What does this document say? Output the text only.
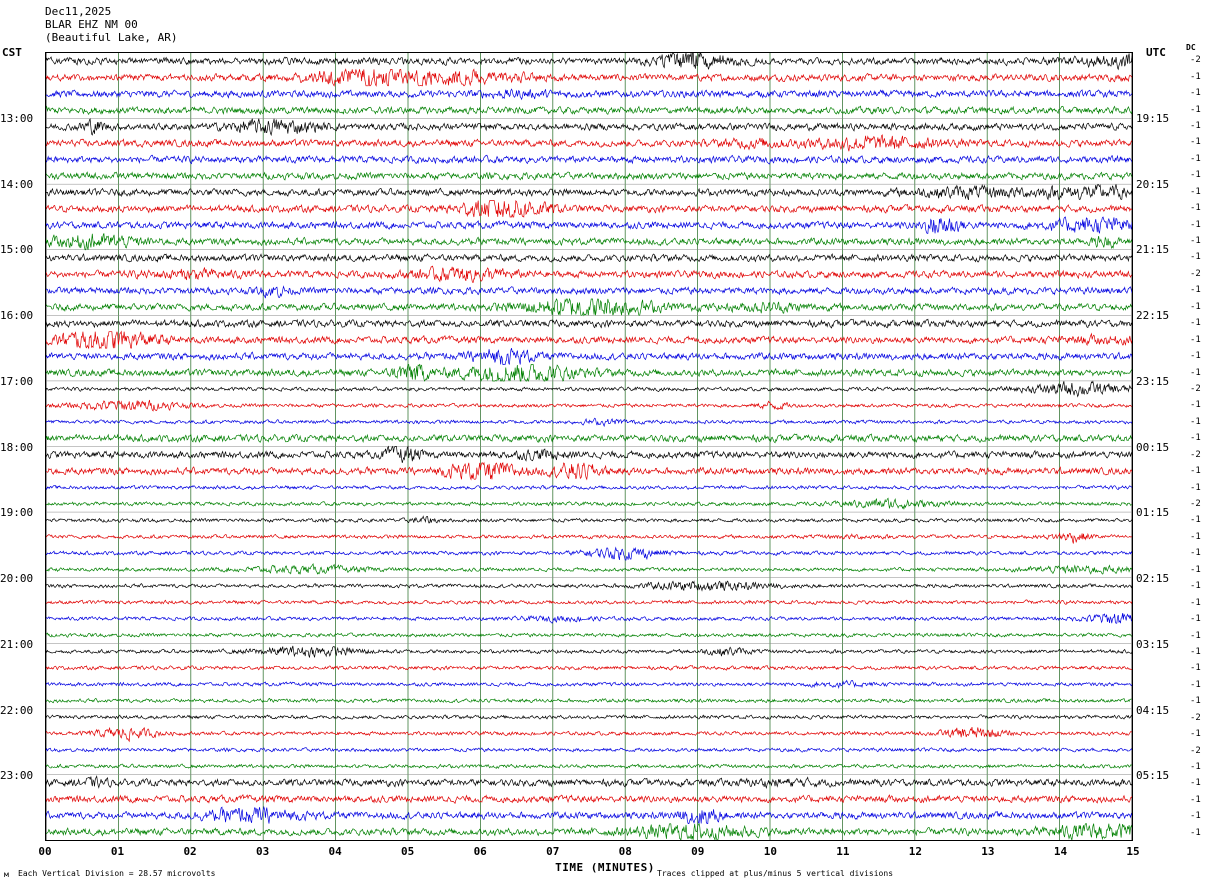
Dec11,2025
BLAR EHZ NM 00
(Beautiful Lake, AR)
CST	UTC	DC
TIME (MINUTES)
м Each Vertical Division = 28.57 microvolts	Traces clipped at plus/minus 5 vertical divisions
13:00
14:00
15:00
16:00
17:00
18:00
19:00
20:00
21:00
22:00
23:00
19:15
20:15
21:15
22:15
23:15
00:15
01:15
02:15
03:15
04:15
05:15
-2
-1
-1
-1
-1
-1
-1
-1
-1
-1
-1
-1
-1
-2
-1
-1
-1
-1
-1
-1
-2
-1
-1
-1
-2
-1
-1
-2
-1
-1
-1
-1
-1
-1
-1
-1
-1
-1
-1
-1
-2
-1
-2
-1
-1
-1
-1
-1
00	01	02	03	04	05	06	07	08	09	10	11	12	13	14	15
